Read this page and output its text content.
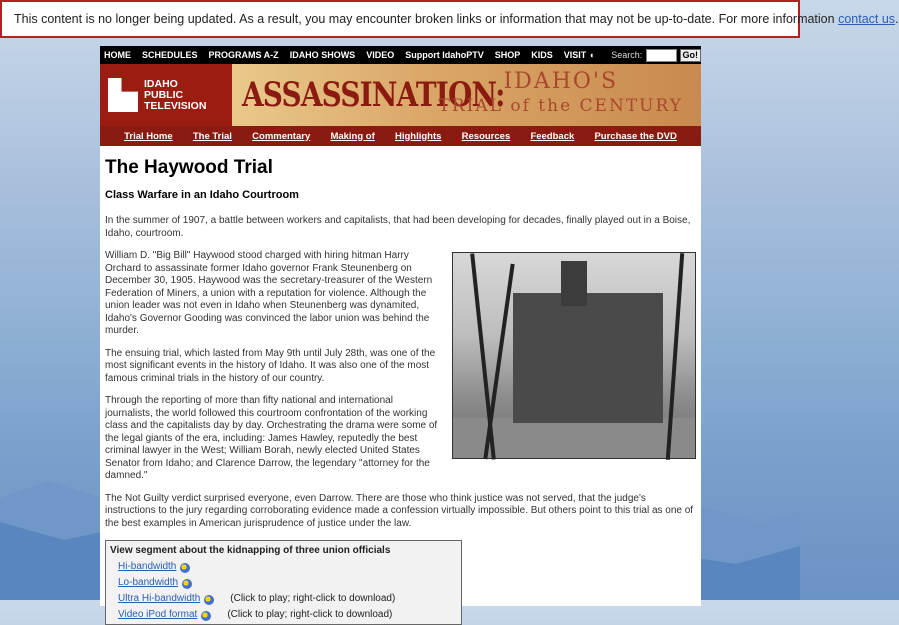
This content is no longer being updated. As a result, you may encounter broken links or information that may not be up-to-date. For more information contact us.
HOME SCHEDULES PROGRAMS A-Z IDAHO SHOWS VIDEO Support IdahoPTV SHOP KIDS VISIT ◖ Search:	Go!
IDAHO
PUBLIC
TELEVISION ASSASSINATION:
IDAHO'S
TRIAL of the CENTURY
Trial Home The Trial Commentary Making of Highlights Resources Feedback Purchase the DVD
The Haywood Trial
Class Warfare in an Idaho Courtroom

In the summer of 1907, a battle between workers and capitalists, that had been developing for decades, finally played out in a Boise, Idaho, courtroom.

William D. "Big Bill" Haywood stood charged with hiring hitman Harry Orchard to assassinate former Idaho governor Frank Steunenberg on December 30, 1905. Haywood was the secretary-treasurer of the Western Federation of Miners, a union with a reputation for violence. Although the union leader was not even in Idaho when Steunenberg was dynamited, Idaho's Governor Gooding was convinced the labor union was behind the murder.

The ensuing trial, which lasted from May 9th until July 28th, was one of the most significant events in the history of Idaho. It was also one of the most famous criminal trials in the history of our country.

Through the reporting of more than fifty national and international journalists, the world followed this courtroom confrontation of the working class and the capitalists day by day. Orchestrating the drama were some of the legal giants of the era, including: James Hawley, reputedly the best criminal lawyer in the West; William Borah, newly elected United States Senator from Idaho; and Clarence Darrow, the legendary "attorney for the damned."

The Not Guilty verdict surprised everyone, even Darrow. There are those who think justice was not served, that the judge's instructions to the jury regarding corroborating evidence made a confession virtually impossible. But others point to this trial as one of the best examples in American jurisprudence of justice under the law.

View segment about the kidnapping of three union officials
Hi-bandwidth
Lo-bandwidth
Ultra Hi-bandwidth	(Click to play; right-click to download)
Video iPod format	(Click to play; right-click to download)
